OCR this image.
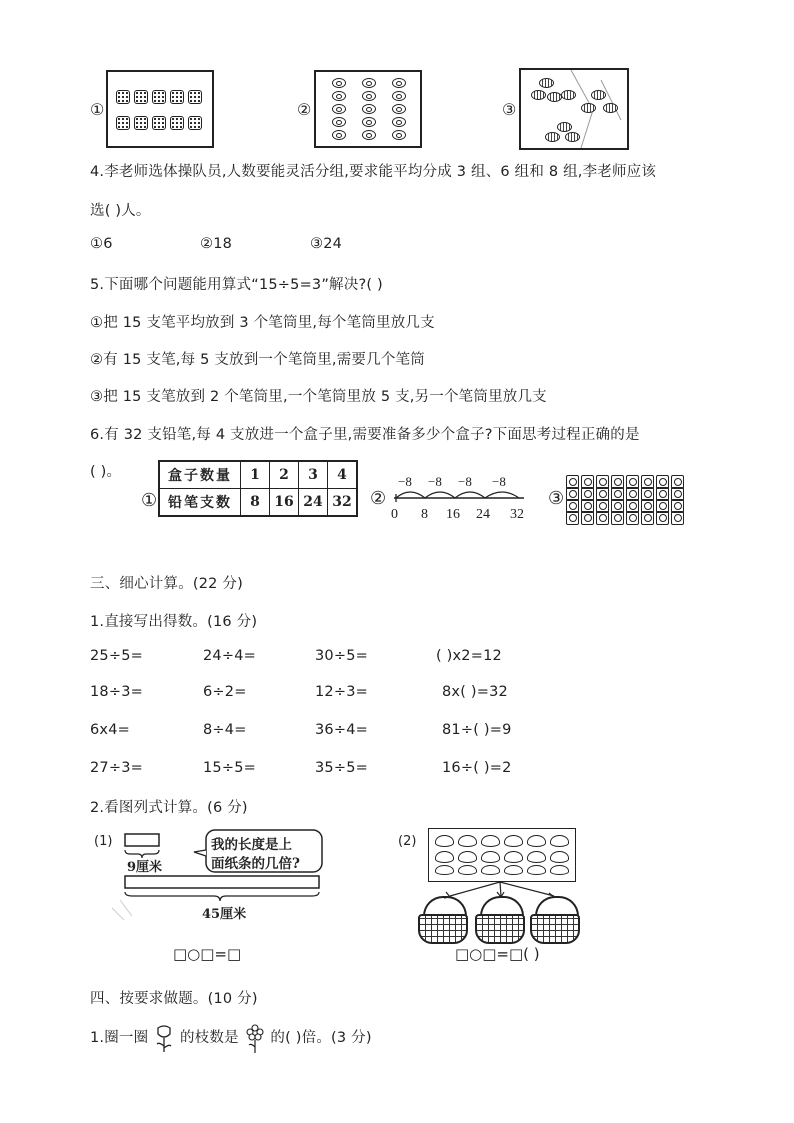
①	②	③
4.李老师选体操队员,人数要能灵活分组,要求能平均分成 3 组、6 组和 8 组,李老师应该
选( )人。
①6	②18	③24
5.下面哪个问题能用算式“15÷5=3”解决?( )
①把 15 支笔平均放到 3 个笔筒里,每个笔筒里放几支
②有 15 支笔,每 5 支放到一个笔筒里,需要几个笔筒
③把 15 支笔放到 2 个笔筒里,一个笔筒里放 5 支,另一个笔筒里放几支
6.有 32 支铅笔,每 4 支放进一个盒子里,需要准备多少个盒子?下面思考过程正确的是
( )。
①
盒子数量	1	2	3	4
铅笔支数	8	16	24	32 ②
−8 −8 −8 −8
0 8 16 24 32
③
三、细心计算。(22 分)
1.直接写出得数。(16 分)
25÷5=	24÷4=	30÷5=	( )x2=12
18÷3=	6÷2=	12÷3=	8x( )=32
6x4=	8÷4=	36÷4=	81÷( )=9
27÷3=	15÷5=	35÷5=	16÷( )=2
2.看图列式计算。(6 分)
(1)
9厘米
我的长度是上
面纸条的几倍?
45厘米
□○□=□
(2)
□○□=□( )
四、按要求做题。(10 分)
1.圈一圈 的枝数是 的( )倍。(3 分)
